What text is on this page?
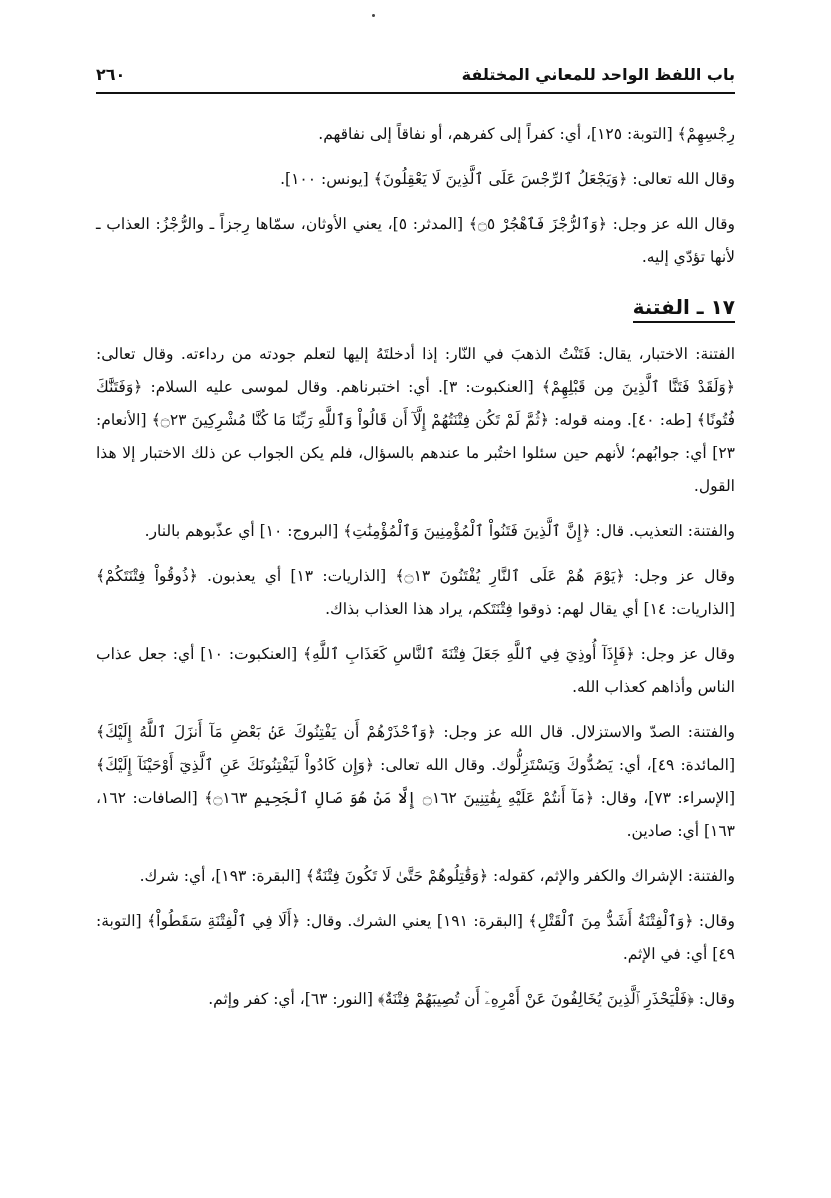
باب اللفظ الواحد للمعاني المختلفة
٢٦٠

رِجْسِهِمْ﴾ [التوبة: ١٢٥]، أي: كفراً إلى كفرهم، أو نفاقاً إلى نفاقهم.

وقال الله تعالى: ﴿وَيَجْعَلُ ٱلرِّجْسَ عَلَى ٱلَّذِينَ لَا يَعْقِلُونَ﴾ [يونس: ١٠٠].

وقال الله عز وجل: ﴿وَٱلرُّجْزَ فَٱهْجُرْ ۝٥﴾ [المدثر: ٥]، يعني الأوثان، سمّاها رِجزاً ـ والرُّجْزُ: العذاب ـ لأنها تؤدّي إليه.

١٧ ـ الفتنة

الفتنة: الاختبار، يقال: فَتَنْتُ الذهبَ في النّار: إذا أدخلتَهُ إليها لتعلم جودته من رداءته. وقال تعالى: ﴿وَلَقَدْ فَتَنَّا ٱلَّذِينَ مِن قَبْلِهِمْ﴾ [العنكبوت: ٣]. أي: اختبرناهم. وقال لموسى عليه السلام: ﴿وَفَتَنَّٰكَ فُتُونًا﴾ [طه: ٤٠]. ومنه قوله: ﴿ثُمَّ لَمْ تَكُن فِتْنَتُهُمْ إِلَّآ أَن قَالُواْ وَٱللَّهِ رَبِّنَا مَا كُنَّا مُشْرِكِينَ ۝٢٣﴾ [الأنعام: ٢٣] أي: جوابُهم؛ لأنهم حين سئلوا اختُبر ما عندهم بالسؤال، فلم يكن الجواب عن ذلك الاختبار إلا هذا القول.

والفتنة: التعذيب. قال: ﴿إِنَّ ٱلَّذِينَ فَتَنُواْ ٱلْمُؤْمِنِينَ وَٱلْمُؤْمِنَٰتِ﴾ [البروج: ١٠] أي عذّبوهم بالنار.

وقال عز وجل: ﴿يَوْمَ هُمْ عَلَى ٱلنَّارِ يُفْتَنُونَ ۝١٣﴾ [الذاريات: ١٣] أي يعذبون. ﴿ذُوقُواْ فِتْنَتَكُمْ﴾ [الذاريات: ١٤] أي يقال لهم: ذوقوا فِتْنَتَكم، يراد هذا العذاب بذاك.

وقال عز وجل: ﴿فَإِذَآ أُوذِيَ فِي ٱللَّهِ جَعَلَ فِتْنَةَ ٱلنَّاسِ كَعَذَابِ ٱللَّهِ﴾ [العنكبوت: ١٠] أي: جعل عذاب الناس وأذاهم كعذاب الله.

والفتنة: الصدّ والاستزلال. قال الله عز وجل: ﴿وَٱحْذَرْهُمْ أَن يَفْتِنُوكَ عَنۢ بَعْضِ مَآ أَنزَلَ ٱللَّهُ إِلَيْكَ﴾ [المائدة: ٤٩]، أي: يَصُدُّوكَ وَيَسْتَزِلُّوك. وقال الله تعالى: ﴿وَإِن كَادُواْ لَيَفْتِنُونَكَ عَنِ ٱلَّذِيٓ أَوْحَيْنَآ إِلَيْكَ﴾ [الإسراء: ٧٣]، وقال: ﴿مَآ أَنتُمْ عَلَيْهِ بِفَٰتِنِينَ ۝١٦٢ إِلَّا مَنْ هُوَ صَالِ ٱلْجَحِيمِ ۝١٦٣﴾ [الصافات: ١٦٢، ١٦٣] أي: صادين.

والفتنة: الإشراك والكفر والإثم، كقوله: ﴿وَقَٰتِلُوهُمْ حَتَّىٰ لَا تَكُونَ فِتْنَةٌ﴾ [البقرة: ١٩٣]، أي: شرك.

وقال: ﴿وَٱلْفِتْنَةُ أَشَدُّ مِنَ ٱلْقَتْلِ﴾ [البقرة: ١٩١] يعني الشرك. وقال: ﴿أَلَا فِي ٱلْفِتْنَةِ سَقَطُواْ﴾ [التوبة: ٤٩] أي: في الإثم.

وقال: ﴿فَلْيَحْذَرِ ٱلَّذِينَ يُخَالِفُونَ عَنْ أَمْرِهِۦٓ أَن تُصِيبَهُمْ فِتْنَةٌ﴾ [النور: ٦٣]، أي: كفر وإثم.
